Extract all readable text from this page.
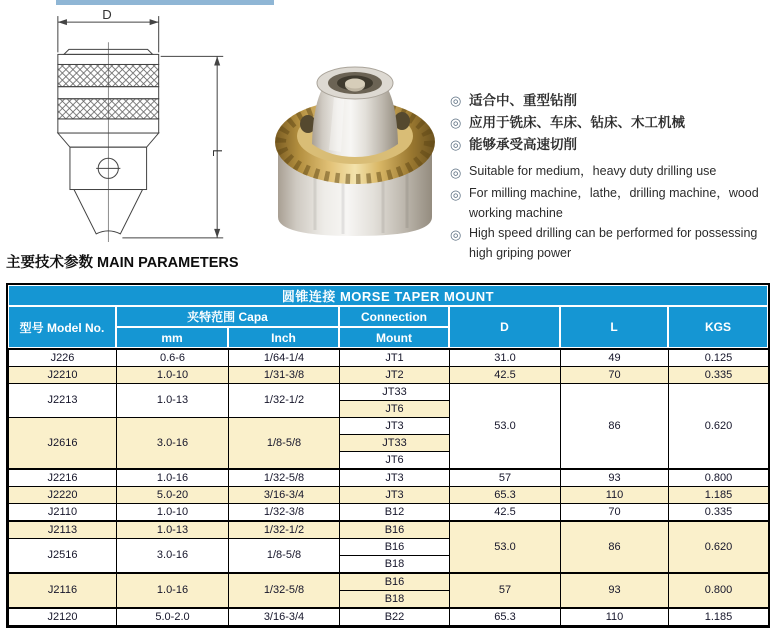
D
L
◎ 适合中、重型钻削
◎ 应用于铣床、车床、钻床、木工机械
◎ 能够承受高速切削
◎ Suitable for medium，heavy duty drilling use
◎ For milling machine，lathe，drilling machine，wood working machine
◎ High speed drilling can be performed for possessing high griping power
主要技术参数 MAIN PARAMETERS
圆锥连接 MORSE TAPER MOUNT
型号 Model No.
夹特范围 Capa	Connection
D	L	KGS
mm	Inch	Mount
J226	0.6-6	1/64-1/4	JT1	31.0	49	0.125
J2210	1.0-10	1/31-3/8	JT2	42.5	70	0.335
J2213	1.0-13	1/32-1/2	JT33	53.0	86	0.620
			JT6			
J2616	3.0-16	1/8-5/8	JT3			
			JT33			
			JT6			
J2216	1.0-16	1/32-5/8	JT3	57	93	0.800
J2220	5.0-20	3/16-3/4	JT3	65.3	110	1.185
J2110	1.0-10	1/32-3/8	B12	42.5	70	0.335
J2113	1.0-13	1/32-1/2	B16	53.0	86	0.620
J2516	3.0-16	1/8-5/8	B16			
			B18			
J2116	1.0-16	1/32-5/8	B16	57	93	0.800
			B18			
J2120	5.0-2.0	3/16-3/4	B22	65.3	110	1.185
